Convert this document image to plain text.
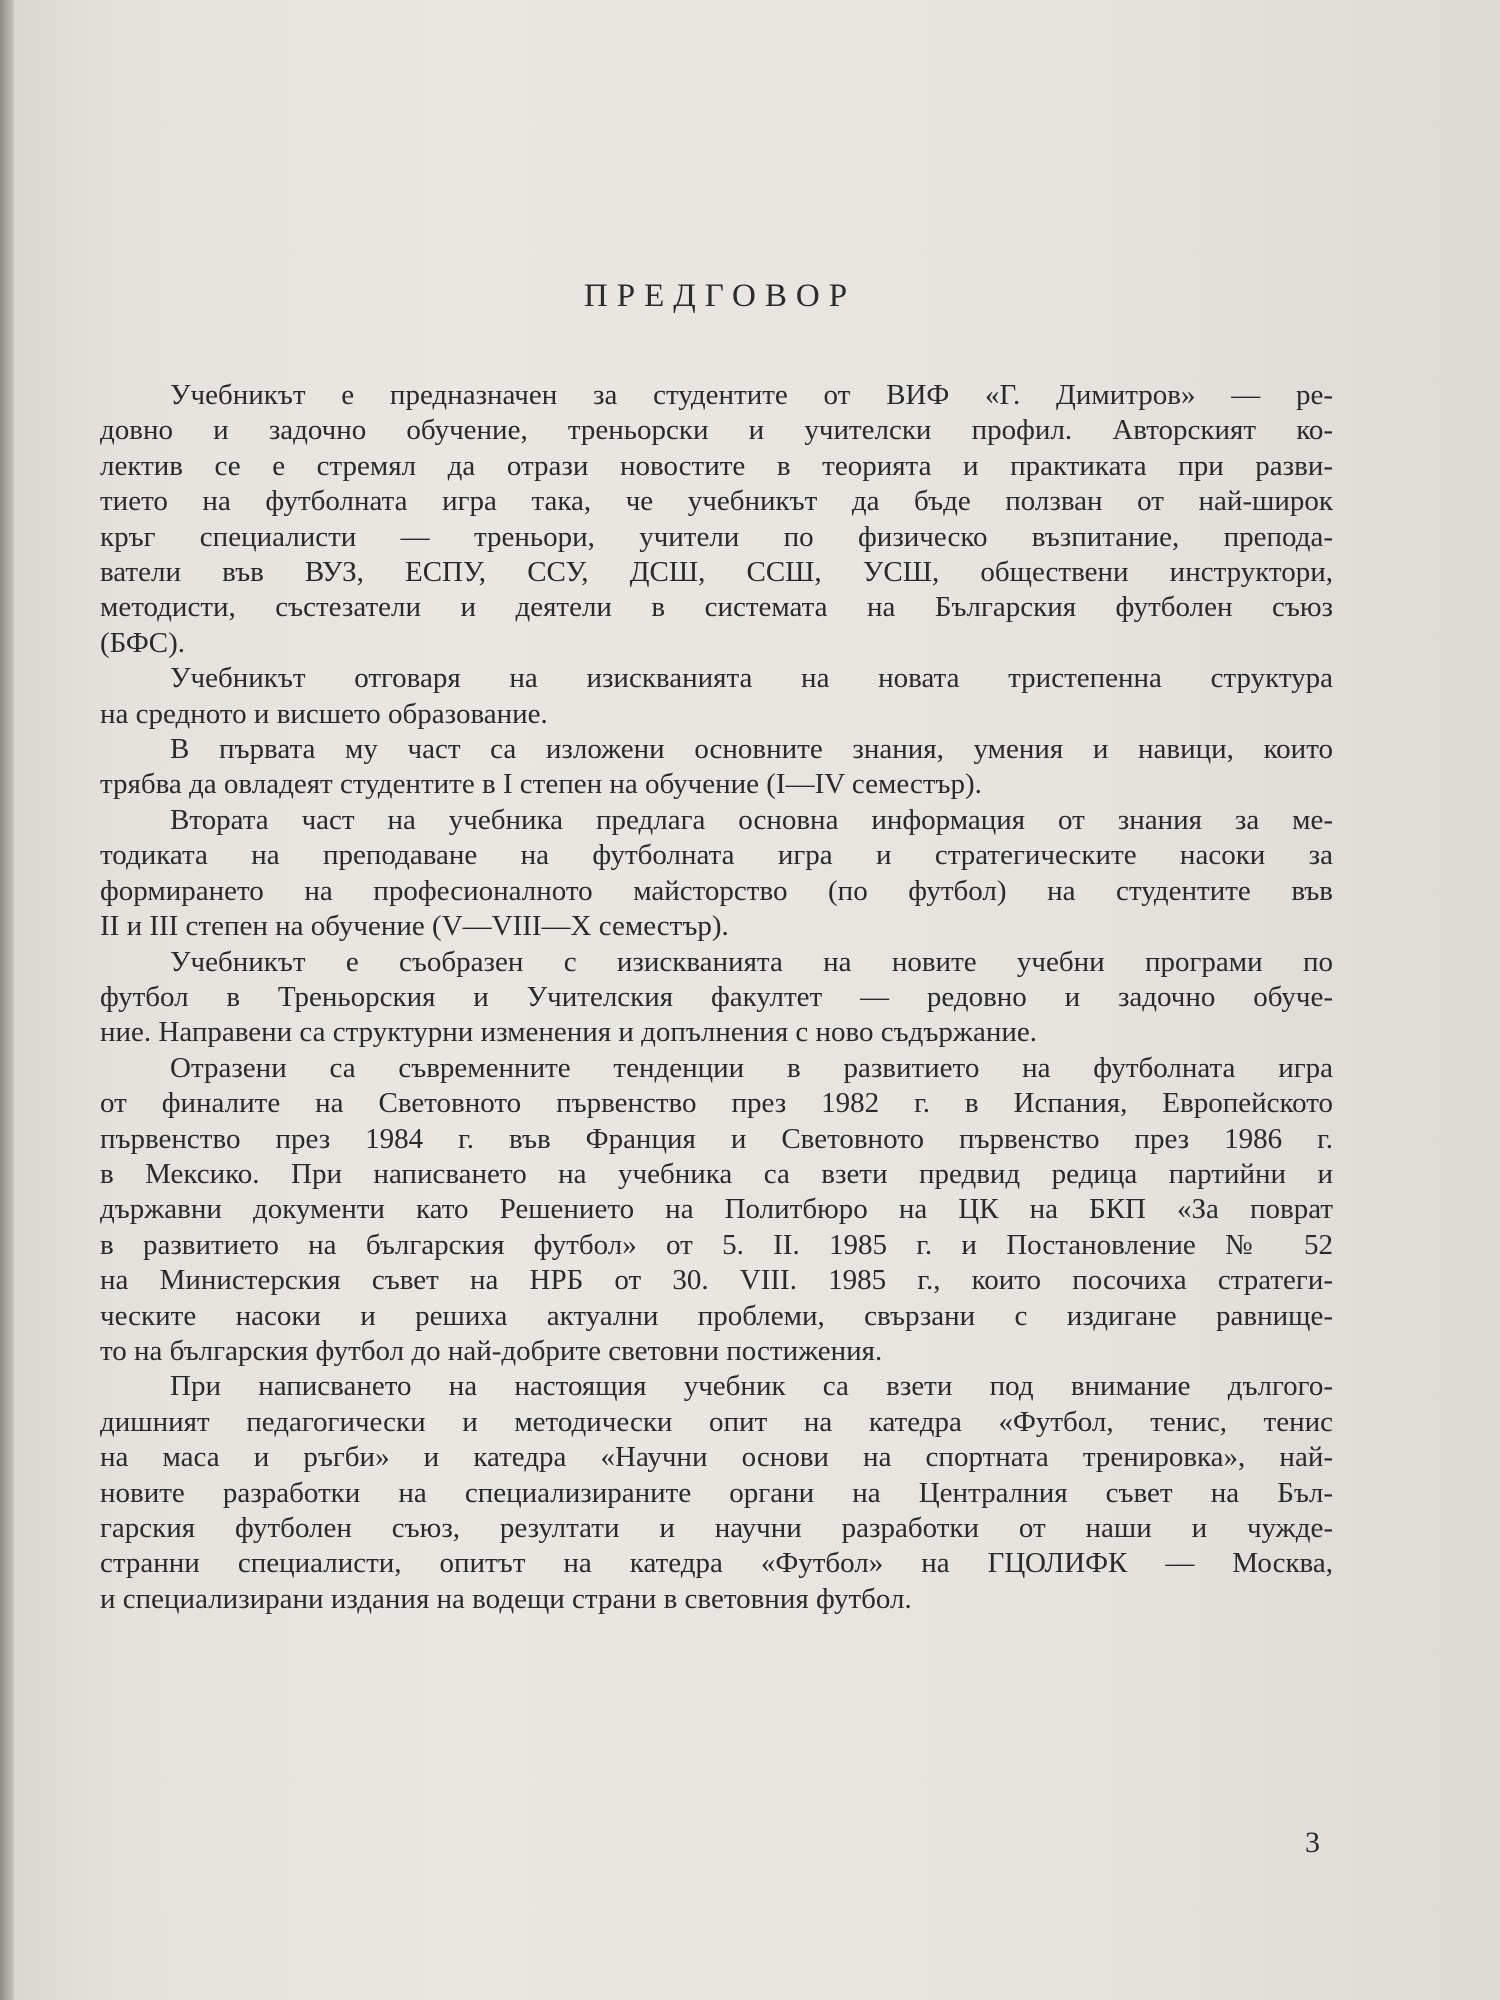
ПРЕДГОВОР
Учебникът е предназначен за студентите от ВИФ «Г. Димитров» — ре-
довно и задочно обучение, треньорски и учителски профил. Авторският ко-
лектив се е стремял да отрази новостите в теорията и практиката при разви-
тието на футболната игра така, че учебникът да бъде ползван от най-широк
кръг специалисти — треньори, учители по физическо възпитание, препода-
ватели във ВУЗ, ЕСПУ, ССУ, ДСШ, ССШ, УСШ, обществени инструктори,
методисти, състезатели и деятели в системата на Българския футболен съюз
(БФС).
Учебникът отговаря на изискванията на новата тристепенна структура
на средното и висшето образование.
В първата му част са изложени основните знания, умения и навици, които
трябва да овладеят студентите в I степен на обучение (I—IV семестър).
Втората част на учебника предлага основна информация от знания за ме-
тодиката на преподаване на футболната игра и стратегическите насоки за
формирането на професионалното майсторство (по футбол) на студентите във
II и III степен на обучение (V—VIII—X семестър).
Учебникът е съобразен с изискванията на новите учебни програми по
футбол в Треньорския и Учителския факултет — редовно и задочно обуче-
ние. Направени са структурни изменения и допълнения с ново съдържание.
Отразени са съвременните тенденции в развитието на футболната игра
от финалите на Световното първенство през 1982 г. в Испания, Европейското
първенство през 1984 г. във Франция и Световното първенство през 1986 г.
в Мексико. При написването на учебника са взети предвид редица партийни и
държавни документи като Решението на Политбюро на ЦК на БКП «За поврат
в развитието на българския футбол» от 5. II. 1985 г. и Постановление № 52
на Министерския съвет на НРБ от 30. VIII. 1985 г., които посочиха стратеги-
ческите насоки и решиха актуални проблеми, свързани с издигане равнище-
то на българския футбол до най-добрите световни постижения.
При написването на настоящия учебник са взети под внимание дългого-
дишният педагогически и методически опит на катедра «Футбол, тенис, тенис
на маса и ръгби» и катедра «Научни основи на спортната тренировка», най-
новите разработки на специализираните органи на Централния съвет на Бъл-
гарския футболен съюз, резултати и научни разработки от наши и чужде-
странни специалисти, опитът на катедра «Футбол» на ГЦОЛИФК — Москва,
и специализирани издания на водещи страни в световния футбол.
3
